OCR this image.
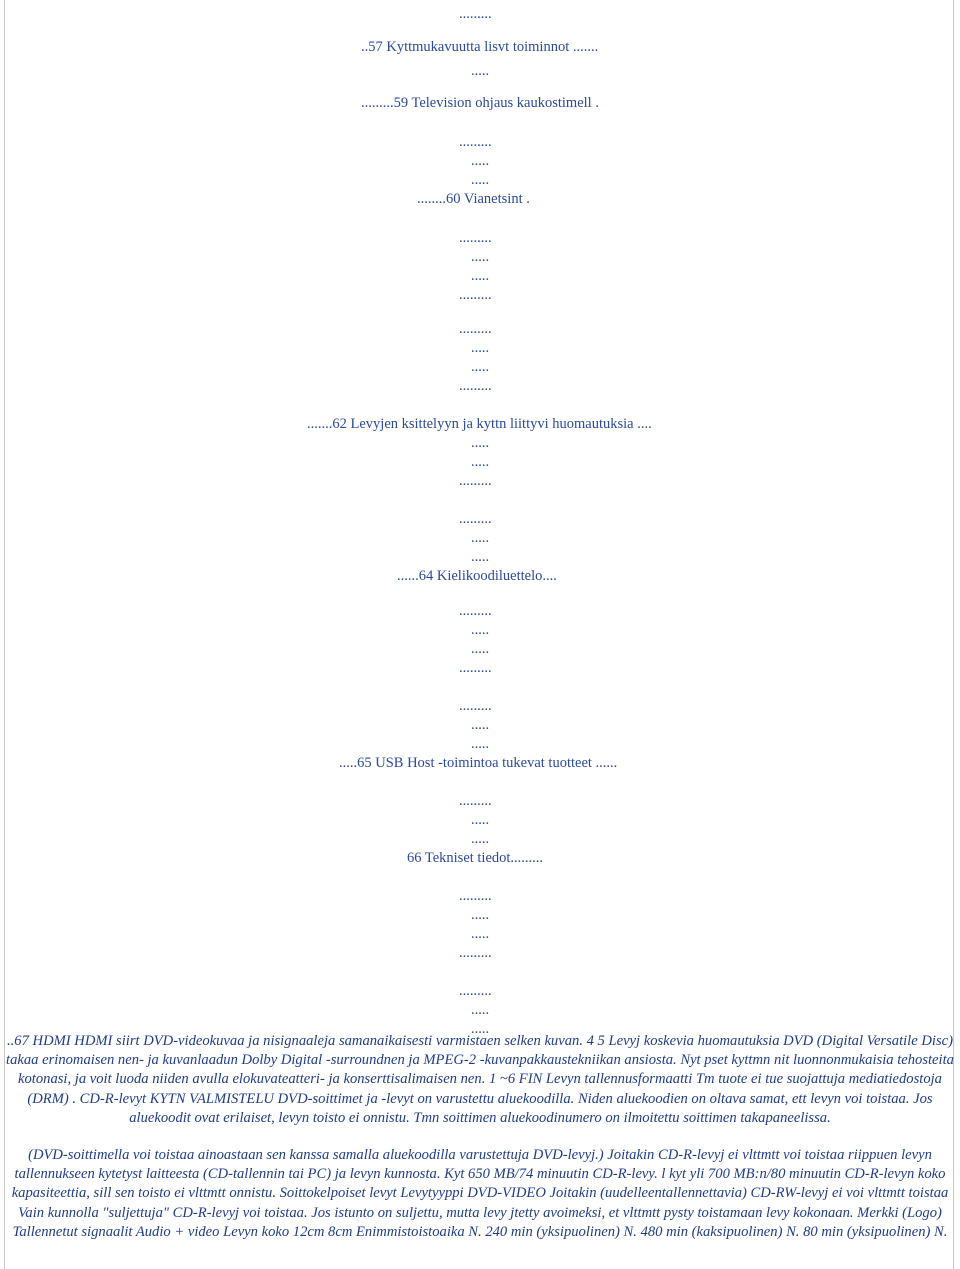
.........
..57 Kyttmukavuutta lisvt toiminnot .......
.....
.........59 Television ohjaus kaukostimell .
.........
.....
.....
........60 Vianetsint .
.........
.....
.....
.........
.........
.....
.....
.........
.......62 Levyjen ksittelyyn ja kyttn liittyvi huomautuksia ....
.....
.....
.........
.........
.....
.....
......64 Kielikoodiluettelo....
.........
.....
.....
.........
.........
.....
.....
.....65 USB Host -toimintoa tukevat tuotteet ......
.........
.....
.....
66 Tekniset tiedot.........
.........
.....
.....
.........
.........
.....
.....
..67 HDMI HDMI siirt DVD-videokuvaa ja nisignaaleja samanaikaisesti varmistaen selken kuvan. 4 5 Levyj koskevia huomautuksia DVD (Digital Versatile Disc) takaa erinomaisen nen- ja kuvanlaadun Dolby Digital -surroundnen ja MPEG-2 -kuvanpakkaustekniikan ansiosta. Nyt pset kyttmn nit luonnonmukaisia tehosteita kotonasi, ja voit luoda niiden avulla elokuvateatteri- ja konserttisalimaisen nen. 1 ~6 FIN Levyn tallennusformaatti Tm tuote ei tue suojattuja mediatiedostoja (DRM) . CD-R-levyt KYTN VALMISTELU DVD-soittimet ja -levyt on varustettu aluekoodilla. Niden aluekoodien on oltava samat, ett levyn voi toistaa. Jos aluekoodit ovat erilaiset, levyn toisto ei onnistu. Tmn soittimen aluekoodinumero on ilmoitettu soittimen takapaneelissa.
(DVD-soittimella voi toistaa ainoastaan sen kanssa samalla aluekoodilla varustettuja DVD-levyj.) Joitakin CD-R-levyj ei vlttmtt voi toistaa riippuen levyn tallennukseen kytetyst laitteesta (CD-tallennin tai PC) ja levyn kunnosta. Kyt 650 MB/74 minuutin CD-R-levy. l kyt yli 700 MB:n/80 minuutin CD-R-levyn koko kapasiteettia, sill sen toisto ei vlttmtt onnistu. Soittokelpoiset levyt Levytyyppi DVD-VIDEO Joitakin (uudelleentallennettavia) CD-RW-levyj ei voi vlttmtt toistaa Vain kunnolla "suljettuja" CD-R-levyj voi toistaa. Jos istunto on suljettu, mutta levy jtetty avoimeksi, et vlttmtt pysty toistamaan levy kokonaan. Merkki (Logo) Tallennetut signaalit Audio + video Levyn koko 12cm 8cm Enimmistoistoaika N. 240 min (yksipuolinen) N. 480 min (kaksipuolinen) N. 80 min (yksipuolinen) N.
